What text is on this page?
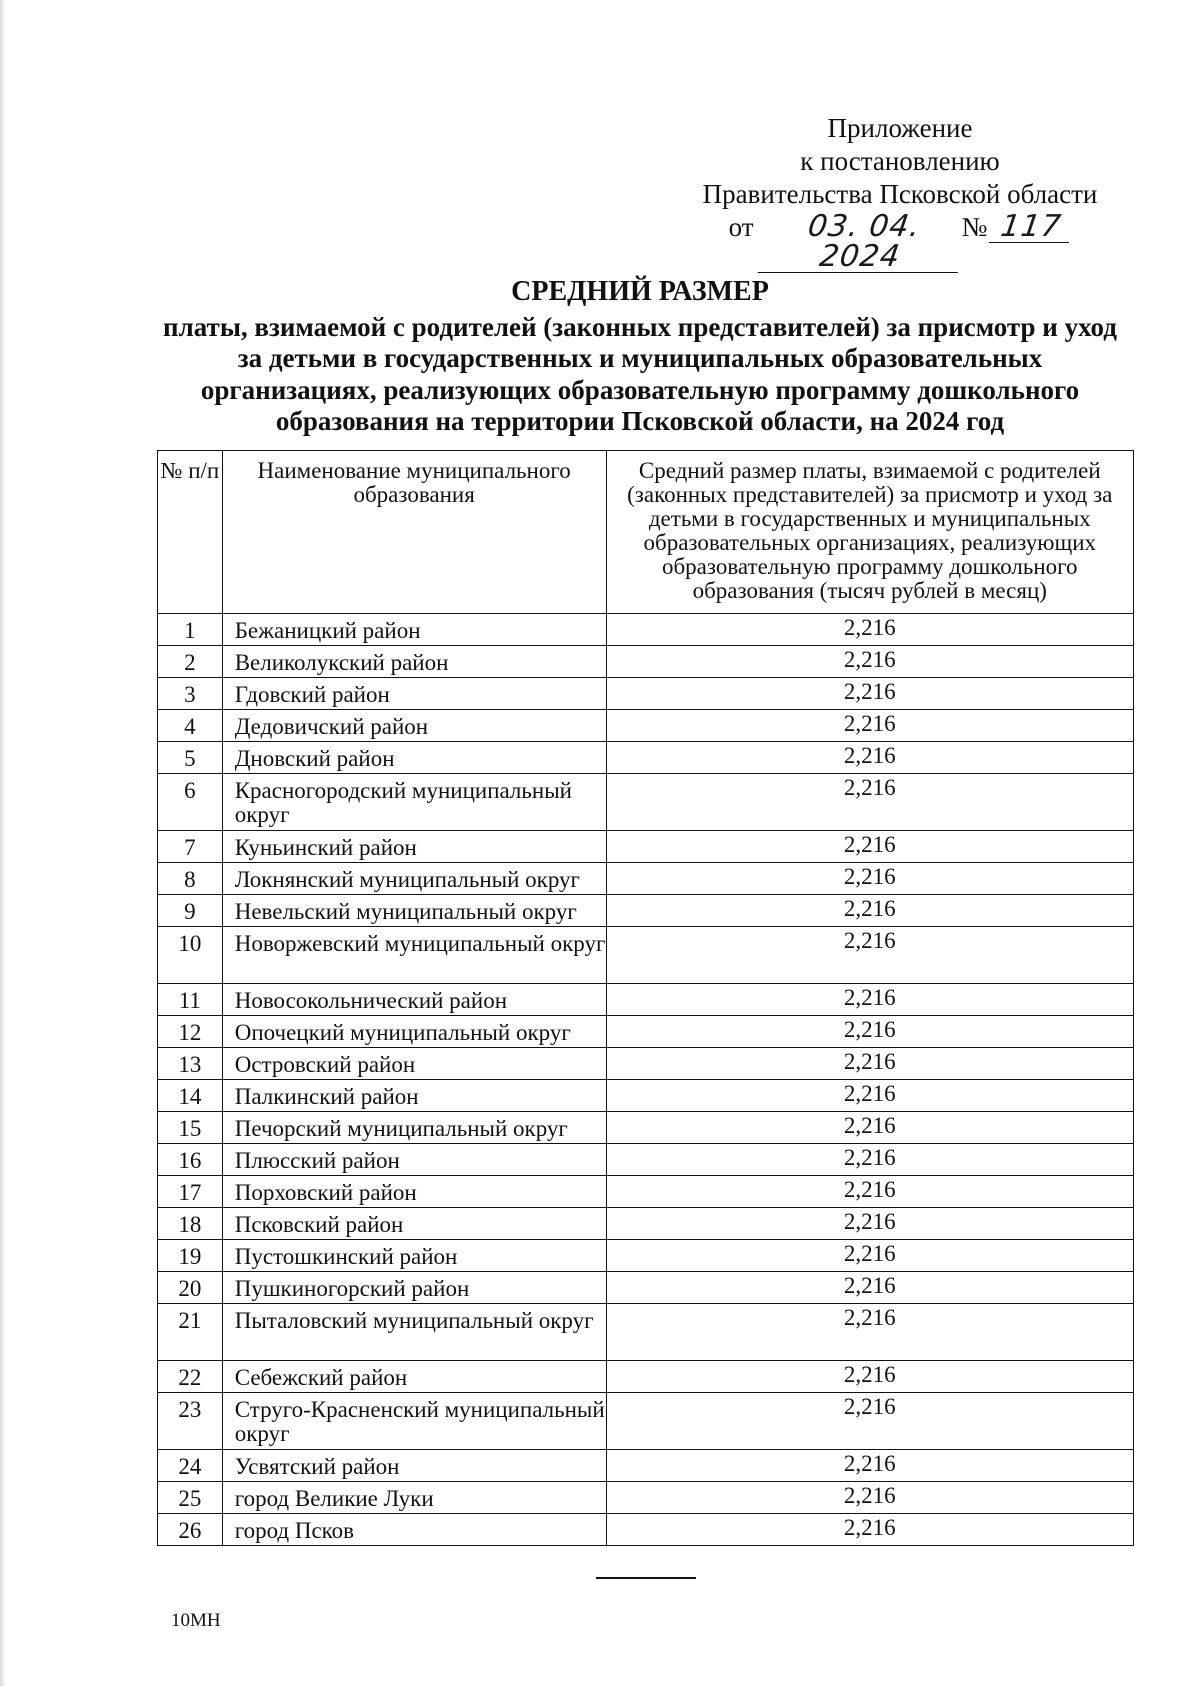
Приложение
к постановлению
Правительства Псковской области
от	03. 04. 2024
№ 117
СРЕДНИЙ РАЗМЕР
платы, взимаемой с родителей (законных представителей) за присмотр и уход за детьми в государственных и муниципальных образовательных организациях, реализующих образовательную программу дошкольного образования на территории Псковской области, на 2024 год
№ п/п	Наименование муниципального образования	Средний размер платы, взимаемой с родителей (законных представителей) за присмотр и уход за детьми в государственных и муниципальных образовательных организациях, реализующих образовательную программу дошкольного образования (тысяч рублей в месяц)
1	Бежаницкий район	2,216
2	Великолукский район	2,216
3	Гдовский район	2,216
4	Дедовичский район	2,216
5	Дновский район	2,216
6	Красногородский муниципальный округ	2,216
7	Куньинский район	2,216
8	Локнянский муниципальный округ	2,216
9	Невельский муниципальный округ	2,216
10	Новоржевский муниципальный округ	2,216
11	Новосокольнический район	2,216
12	Опочецкий муниципальный округ	2,216
13	Островский район	2,216
14	Палкинский район	2,216
15	Печорский муниципальный округ	2,216
16	Плюсский район	2,216
17	Порховский район	2,216
18	Псковский район	2,216
19	Пустошкинский район	2,216
20	Пушкиногорский район	2,216
21	Пыталовский муниципальный округ	2,216
22	Себежский район	2,216
23	Струго-Красненский муниципальный округ	2,216
24	Усвятский район	2,216
25	город Великие Луки	2,216
26	город Псков	2,216
10МН
